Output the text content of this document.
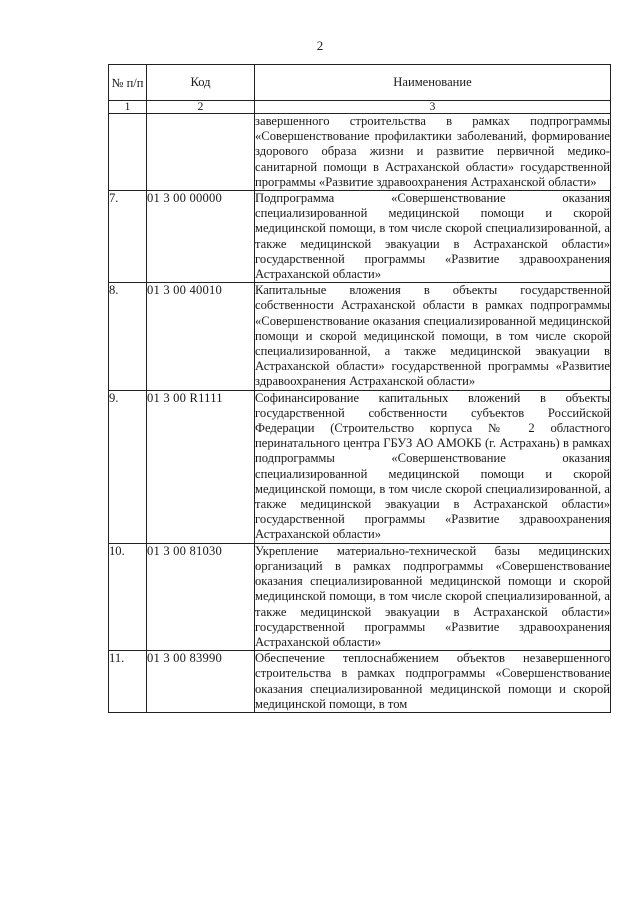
2
№ п/п	Код	Наименование
1	2	3
		завершенного строительства в рамках подпрограммы «Совершенствование профилактики заболеваний, формирование здорового образа жизни и развитие первичной медико-санитарной помощи в Астраханской области» государственной программы «Развитие здравоохранения Астраханской области»
7.	01 3 00 00000	Подпрограмма «Совершенствование оказания специализированной медицинской помощи и скорой медицинской помощи, в том числе скорой специализированной, а также медицинской эвакуации в Астраханской области» государственной программы «Развитие здравоохранения Астраханской области»
8.	01 3 00 40010	Капитальные вложения в объекты государственной собственности Астраханской области в рамках подпрограммы «Совершенствование оказания специализированной медицинской помощи и скорой медицинской помощи, в том числе скорой специализированной, а также медицинской эвакуации в Астраханской области» государственной программы «Развитие здравоохранения Астраханской области»
9.	01 3 00 R1111	Софинансирование капитальных вложений в объекты государственной собственности субъектов Российской Федерации (Строительство корпуса № 2 областного перинатального центра ГБУЗ АО АМОКБ (г. Астрахань) в рамках подпрограммы «Совершенствование оказания специализированной медицинской помощи и скорой медицинской помощи, в том числе скорой специализированной, а также медицинской эвакуации в Астраханской области» государственной программы «Развитие здравоохранения Астраханской области»
10.	01 3 00 81030	Укрепление материально-технической базы медицинских организаций в рамках подпрограммы «Совершенствование оказания специализированной медицинской помощи и скорой медицинской помощи, в том числе скорой специализированной, а также медицинской эвакуации в Астраханской области» государственной программы «Развитие здравоохранения Астраханской области»
11.	01 3 00 83990	Обеспечение теплоснабжением объектов незавершенного строительства в рамках подпрограммы «Совершенствование оказания специализированной медицинской помощи и скорой медицинской помощи, в том
